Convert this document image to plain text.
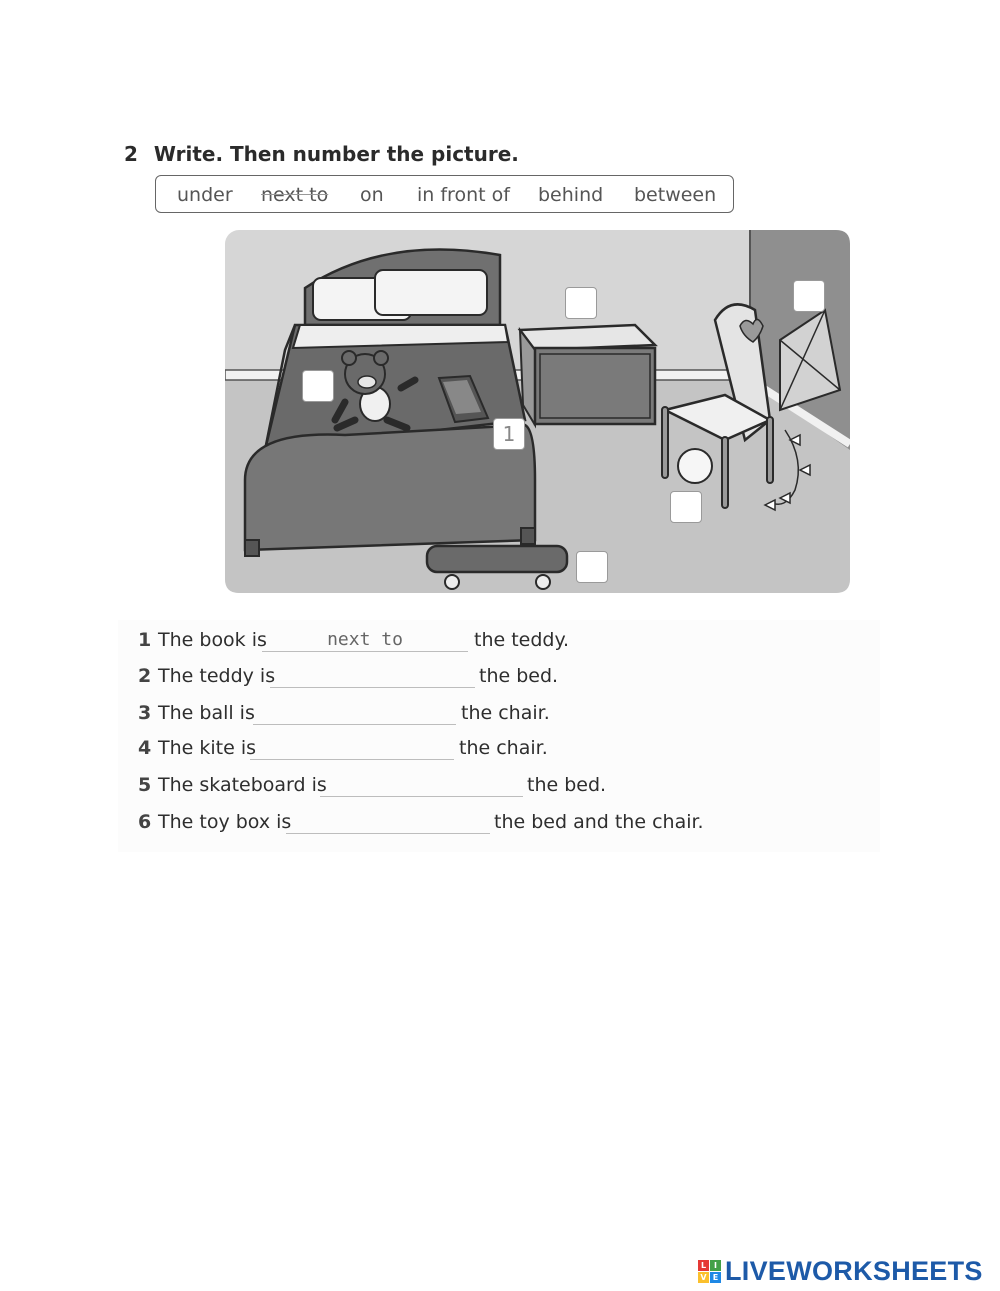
2 Write. Then number the picture.
under next to on in front of behind between
1
1 The book is
next to	the teddy.
2 The teddy is	the bed.
3 The ball is	the chair.
4 The kite is	the chair.
5 The skateboard is	the bed.
6 The toy box is	the bed and the chair.
L I
V E LIVEWORKSHEETS
